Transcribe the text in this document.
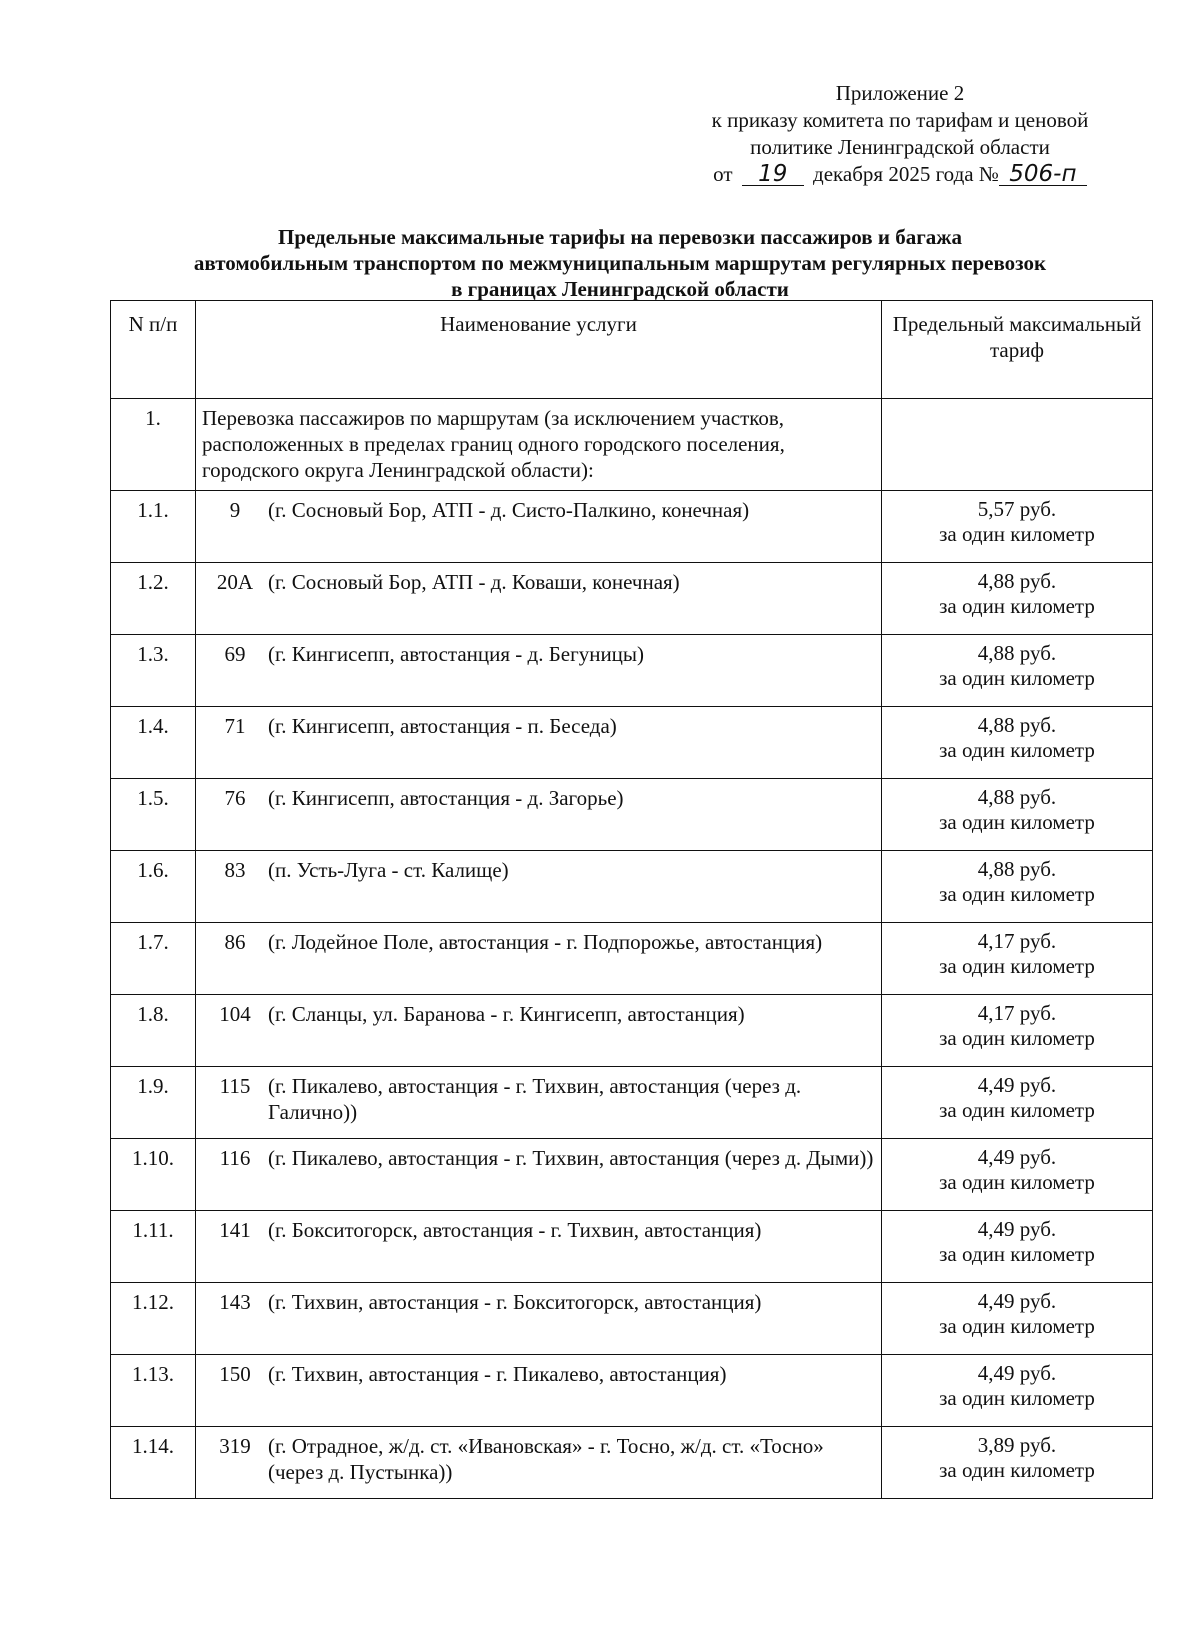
Приложение 2
к приказу комитета по тарифам и ценовой
политике Ленинградской области
от 19 декабря 2025 года № 506-п
Предельные максимальные тарифы на перевозки пассажиров и багажа
автомобильным транспортом по межмуниципальным маршрутам регулярных перевозок
в границах Ленинградской области
N п/п	Наименование услуги	Предельный максимальный тариф
1.	Перевозка пассажиров по маршрутам (за исключением участков, расположенных в пределах границ одного городского поселения, городского округа Ленинградской области):	
1.1.	9 (г. Сосновый Бор, АТП - д. Систо-Палкино, конечная)	5,57 руб.
за один километр

1.2.	20А (г. Сосновый Бор, АТП - д. Коваши, конечная)	4,88 руб.
за один километр

1.3.	69 (г. Кингисепп, автостанция - д. Бегуницы)	4,88 руб.
за один километр

1.4.	71 (г. Кингисепп, автостанция - п. Беседа)	4,88 руб.
за один километр

1.5.	76 (г. Кингисепп, автостанция - д. Загорье)	4,88 руб.
за один километр

1.6.	83 (п. Усть-Луга - ст. Калище)	4,88 руб.
за один километр

1.7.	86 (г. Лодейное Поле, автостанция - г. Подпорожье, автостанция)	4,17 руб.
за один километр

1.8.	104 (г. Сланцы, ул. Баранова - г. Кингисепп, автостанция)	4,17 руб.
за один километр

1.9.	115 (г. Пикалево, автостанция - г. Тихвин, автостанция (через д. Галично))	4,49 руб.
за один километр

1.10.	116 (г. Пикалево, автостанция - г. Тихвин, автостанция (через д. Дыми))	4,49 руб.
за один километр

1.11.	141 (г. Бокситогорск, автостанция - г. Тихвин, автостанция)	4,49 руб.
за один километр

1.12.	143 (г. Тихвин, автостанция - г. Бокситогорск, автостанция)	4,49 руб.
за один километр

1.13.	150 (г. Тихвин, автостанция - г. Пикалево, автостанция)	4,49 руб.
за один километр

1.14.	319 (г. Отрадное, ж/д. ст. «Ивановская» - г. Тосно, ж/д. ст. «Тосно» (через д. Пустынка))	3,89 руб.
за один километр
